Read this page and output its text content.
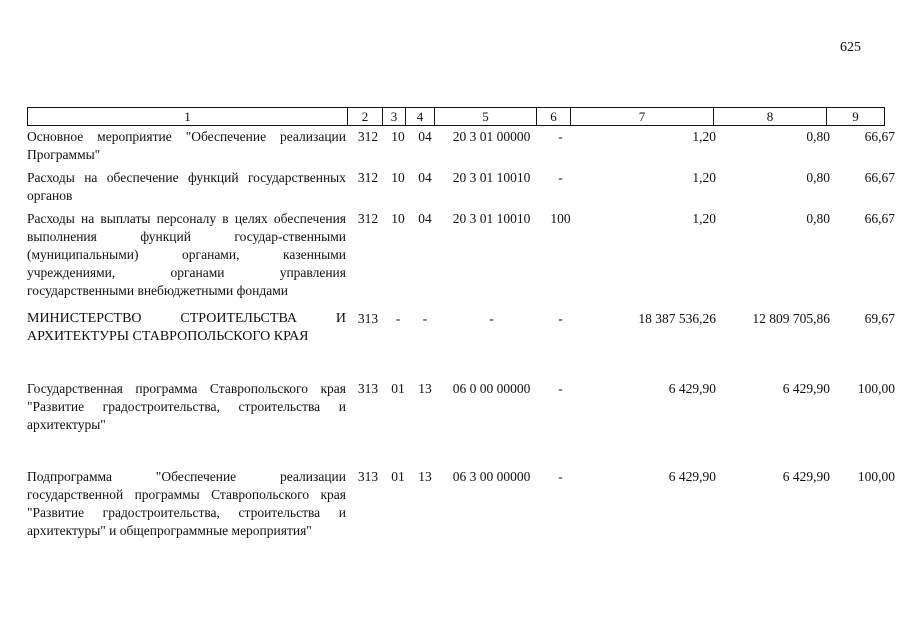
625
1	2	3	4	5	6	7	8	9
Основное мероприятие "Обеспечение реализации Программы"	312	10	04	20 3 01 00000	-	1,20	0,80	66,67
Расходы на обеспечение функций государственных органов	312	10	04	20 3 01 10010	-	1,20	0,80	66,67
Расходы на выплаты персоналу в целях обеспечения выполнения функций государ-ственными (муниципальными) органами, казенными учреждениями, органами управления государственными внебюджетными фондами	312	10	04	20 3 01 10010	100	1,20	0,80	66,67
МИНИСТЕРСТВО СТРОИТЕЛЬСТВА И АРХИТЕКТУРЫ СТАВРОПОЛЬСКОГО КРАЯ	313	-	-	-	-	18 387 536,26	12 809 705,86	69,67
Государственная программа Ставропольского края "Развитие градостроительства, строительства и архитектуры"	313	01	13	06 0 00 00000	-	6 429,90	6 429,90	100,00
Подпрограмма "Обеспечение реализации государственной программы Ставропольского края "Развитие градостроительства, строительства и архитектуры" и общепрограммные мероприятия"	313	01	13	06 3 00 00000	-	6 429,90	6 429,90	100,00
